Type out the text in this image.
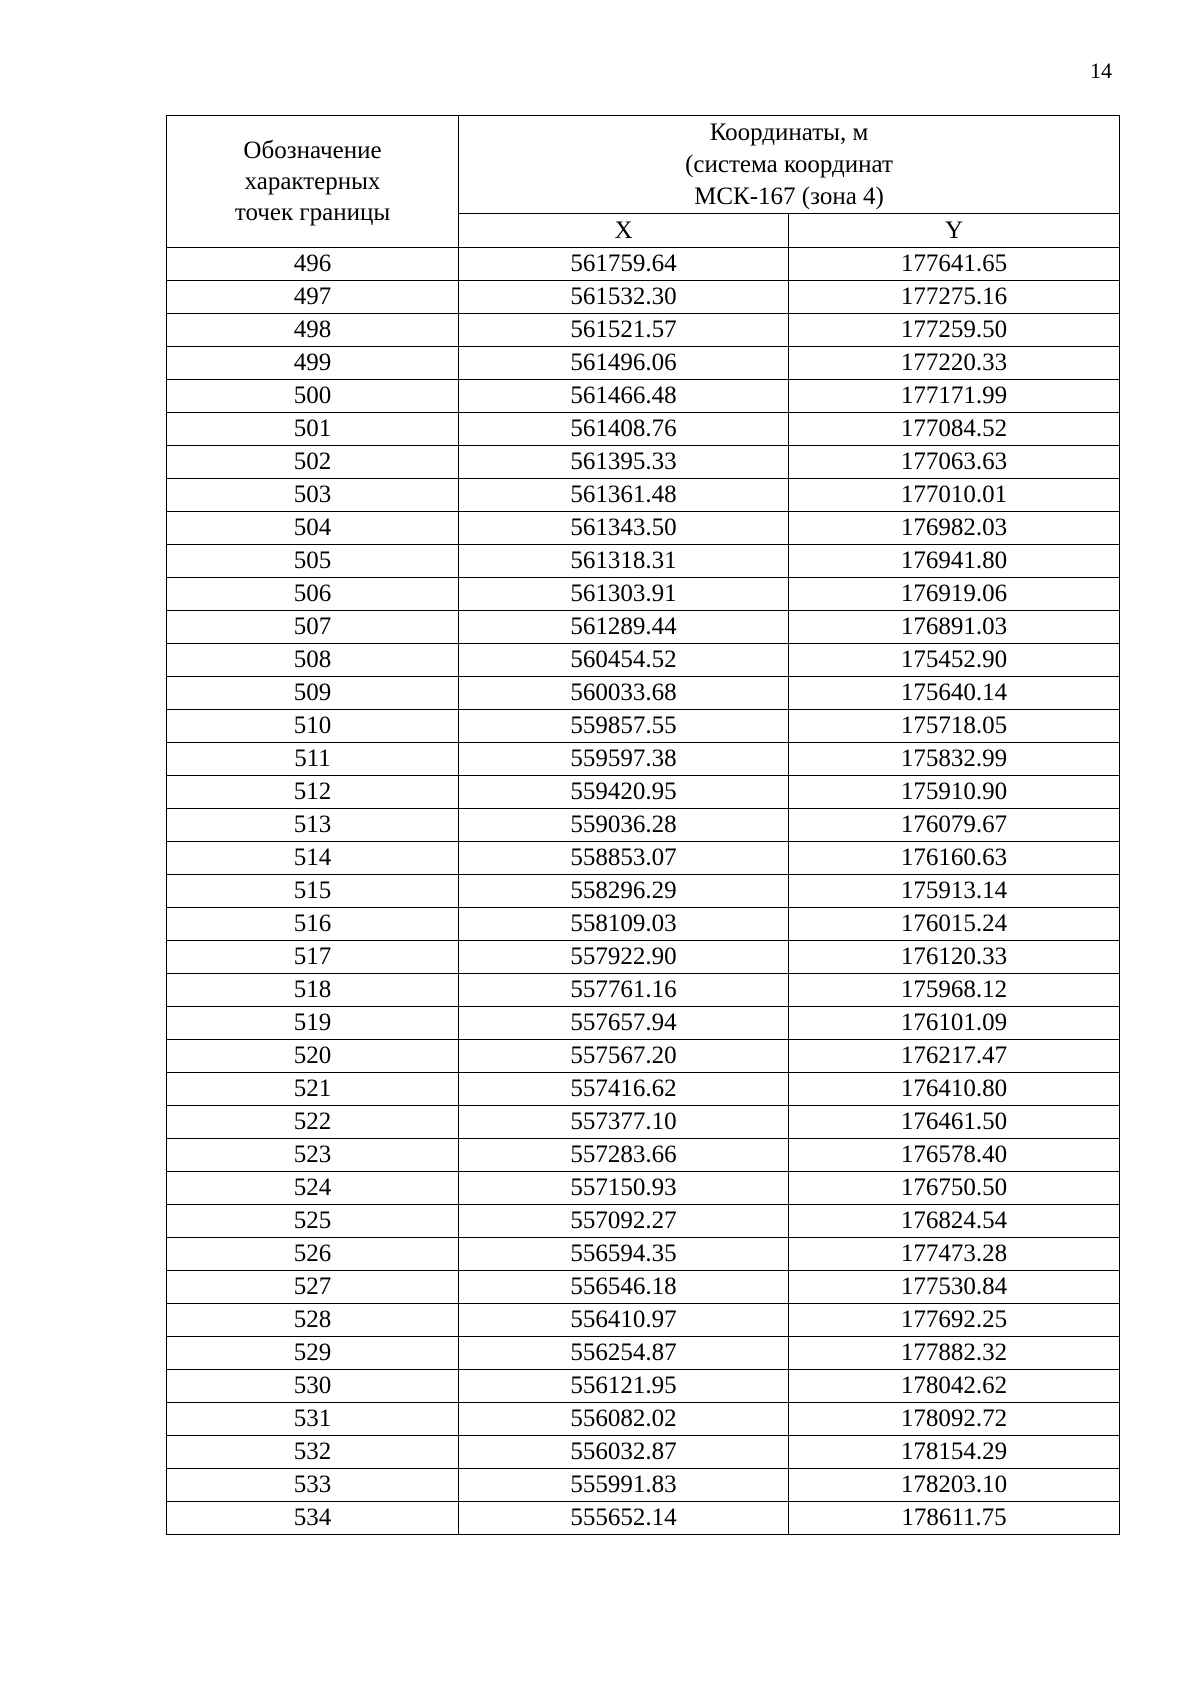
14
Обозначение
характерных
точек границы	Координаты, м
(система координат
МСК-167 (зона 4)	

	X	Y
496	561759.64	177641.65
497	561532.30	177275.16
498	561521.57	177259.50
499	561496.06	177220.33
500	561466.48	177171.99
501	561408.76	177084.52
502	561395.33	177063.63
503	561361.48	177010.01
504	561343.50	176982.03
505	561318.31	176941.80
506	561303.91	176919.06
507	561289.44	176891.03
508	560454.52	175452.90
509	560033.68	175640.14
510	559857.55	175718.05
511	559597.38	175832.99
512	559420.95	175910.90
513	559036.28	176079.67
514	558853.07	176160.63
515	558296.29	175913.14
516	558109.03	176015.24
517	557922.90	176120.33
518	557761.16	175968.12
519	557657.94	176101.09
520	557567.20	176217.47
521	557416.62	176410.80
522	557377.10	176461.50
523	557283.66	176578.40
524	557150.93	176750.50
525	557092.27	176824.54
526	556594.35	177473.28
527	556546.18	177530.84
528	556410.97	177692.25
529	556254.87	177882.32
530	556121.95	178042.62
531	556082.02	178092.72
532	556032.87	178154.29
533	555991.83	178203.10
534	555652.14	178611.75
